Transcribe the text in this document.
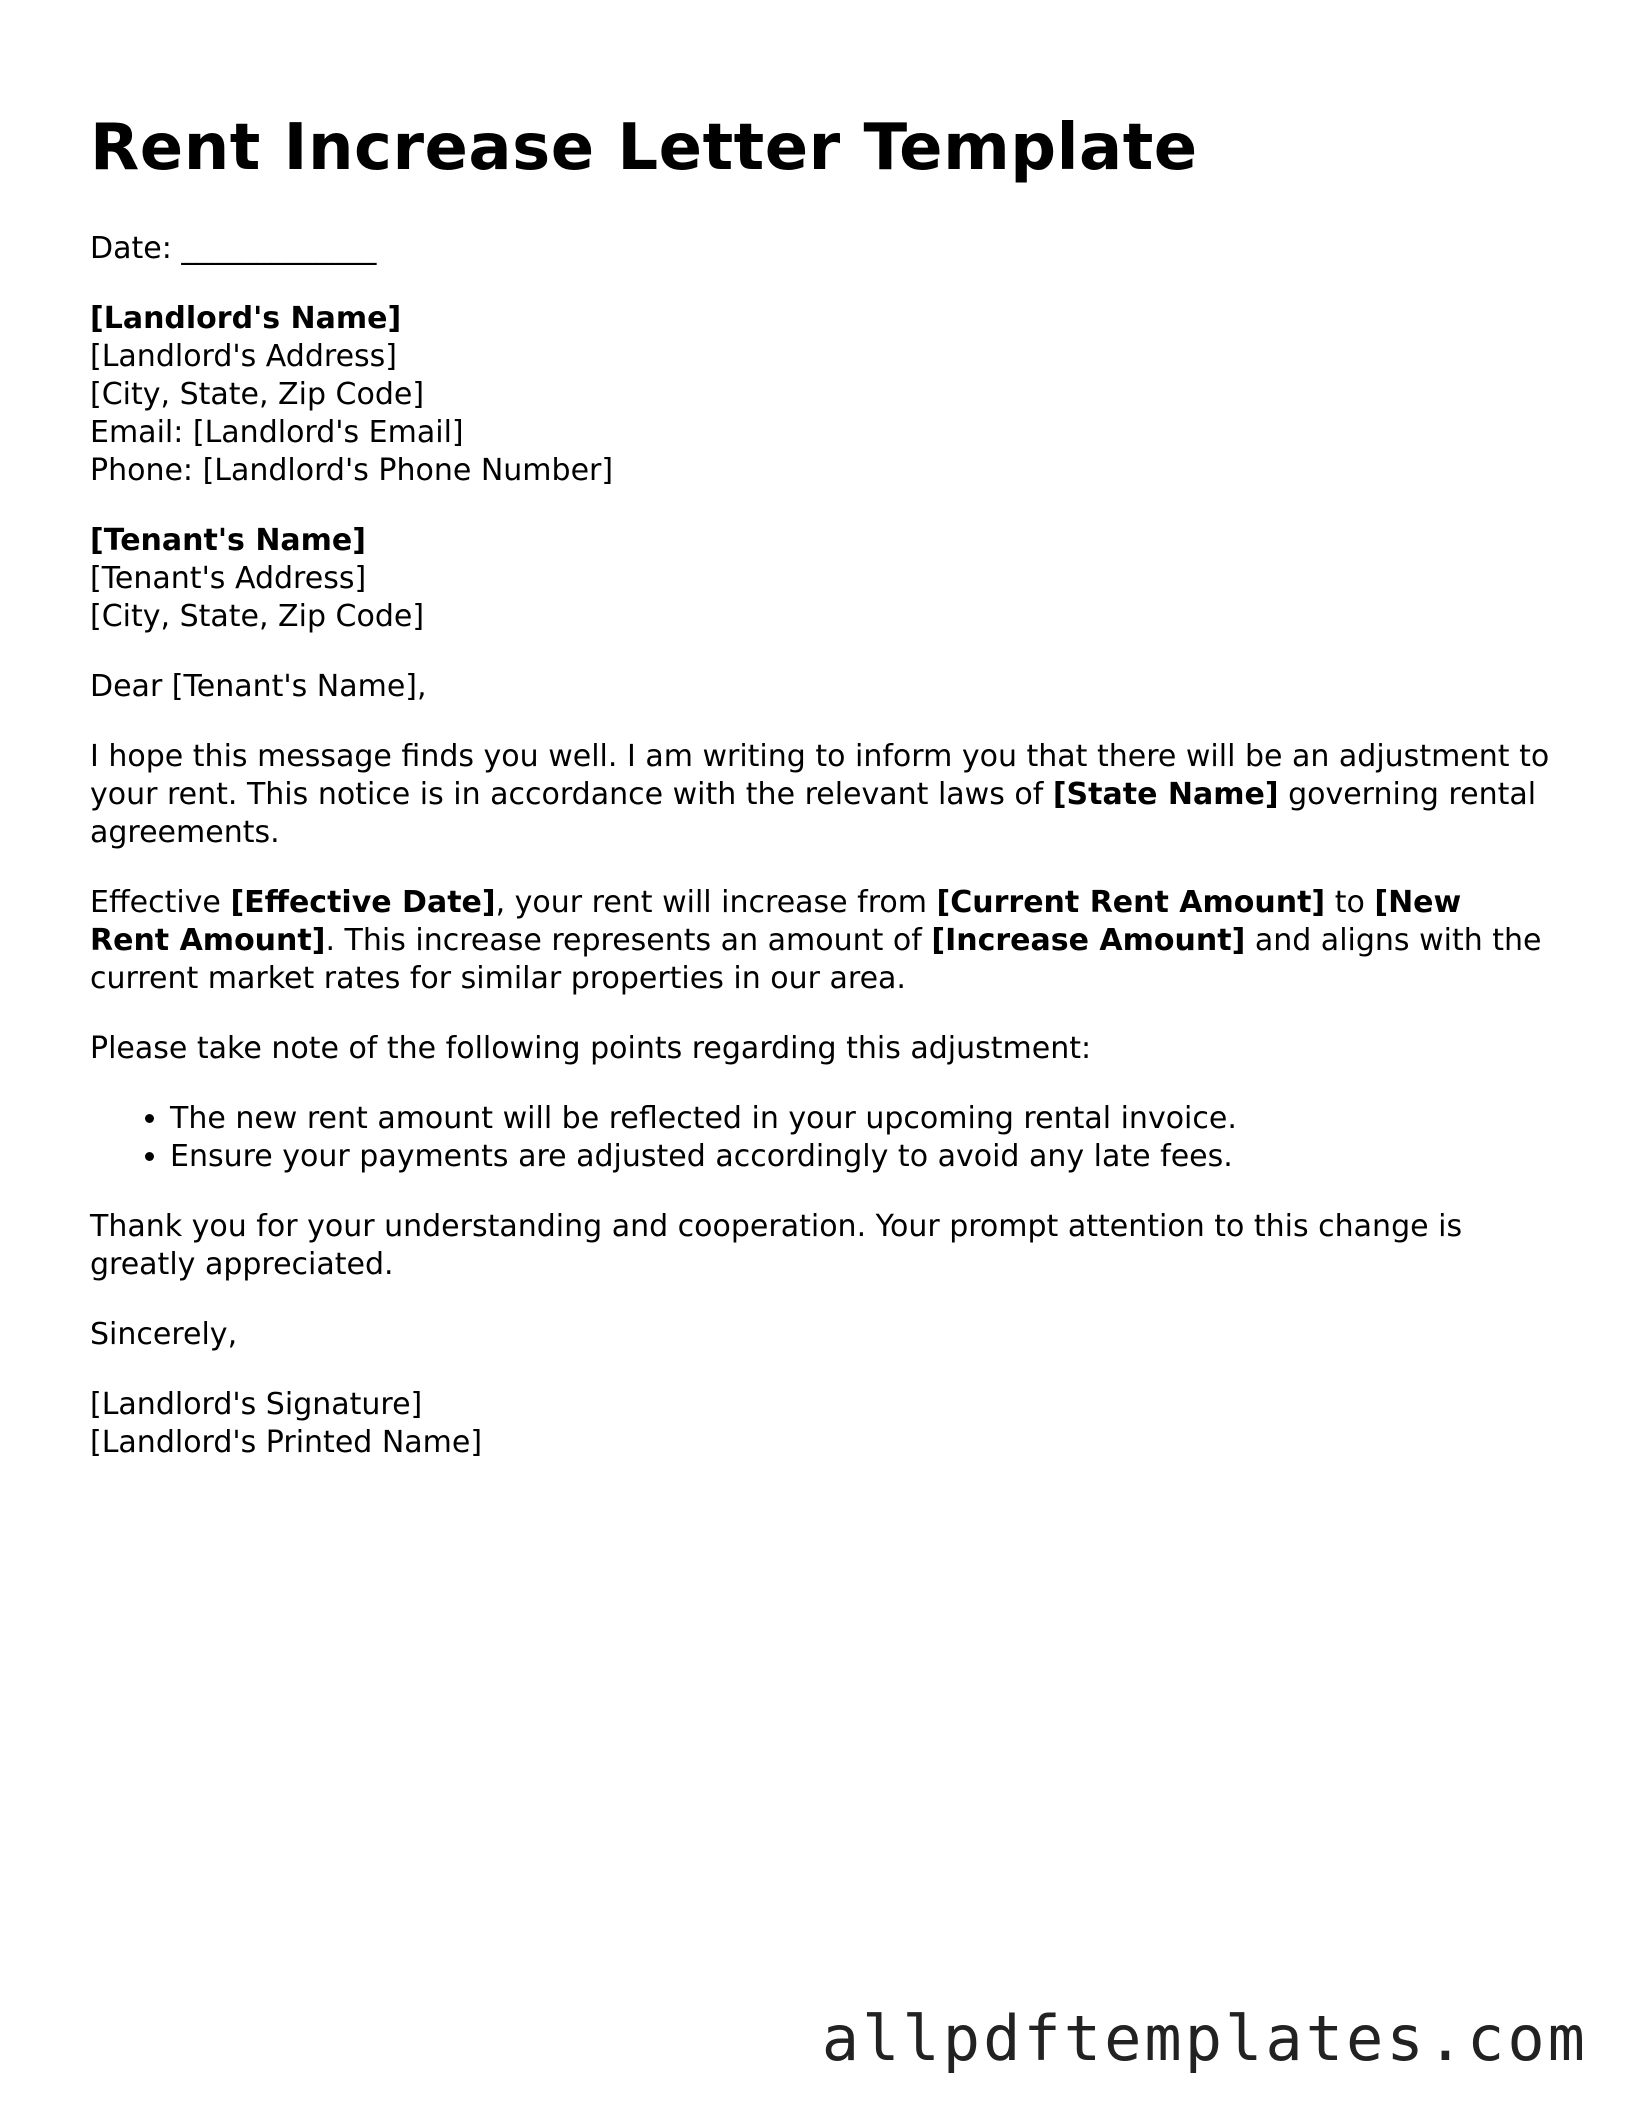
Rent Increase Letter Template

Date: _____________

[Landlord's Name]
[Landlord's Address]
[City, State, Zip Code]
Email: [Landlord's Email]
Phone: [Landlord's Phone Number]

[Tenant's Name]
[Tenant's Address]
[City, State, Zip Code]

Dear [Tenant's Name],

I hope this message finds you well. I am writing to inform you that there will be an adjustment to your rent. This notice is in accordance with the relevant laws of [State Name] governing rental agreements.

Effective [Effective Date], your rent will increase from [Current Rent Amount] to [New Rent Amount]. This increase represents an amount of [Increase Amount] and aligns with the current market rates for similar properties in our area.

Please take note of the following points regarding this adjustment:

• The new rent amount will be reflected in your upcoming rental invoice.
• Ensure your payments are adjusted accordingly to avoid any late fees.

Thank you for your understanding and cooperation. Your prompt attention to this change is greatly appreciated.

Sincerely,

[Landlord's Signature]
[Landlord's Printed Name]

allpdftemplates.com
